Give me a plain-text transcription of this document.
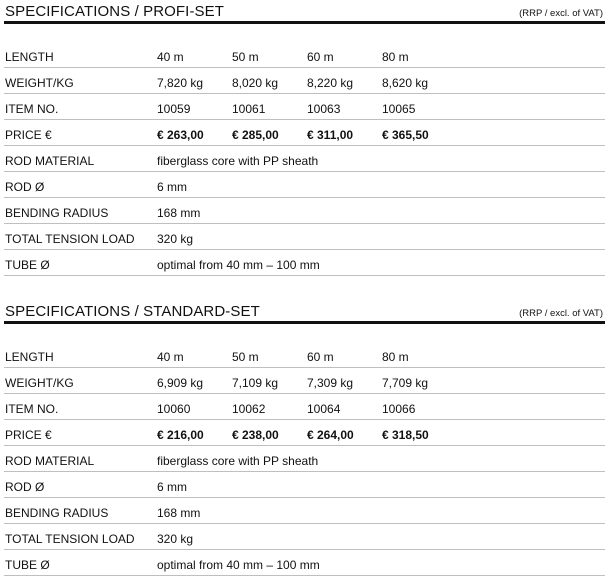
SPECIFICATIONS / PROFI-SET	(RRP / excl. of VAT)
LENGTH	40 m	50 m	60 m	80 m
WEIGHT/KG	7,820 kg 8,020 kg 8,220 kg 8,620 kg
ITEM NO.	10059	10061	10063	10065
PRICE €	€ 263,00 € 285,00 € 311,00 € 365,50
ROD MATERIAL	fiberglass core with PP sheath
ROD Ø	6 mm
BENDING RADIUS	168 mm
TOTAL TENSION LOAD 320 kg
TUBE Ø	optimal from 40 mm – 100 mm
SPECIFICATIONS / STANDARD-SET	(RRP / excl. of VAT)
LENGTH	40 m	50 m	60 m	80 m
WEIGHT/KG	6,909 kg 7,109 kg 7,309 kg 7,709 kg
ITEM NO.	10060	10062	10064	10066
PRICE €	€ 216,00 € 238,00 € 264,00 € 318,50
ROD MATERIAL	fiberglass core with PP sheath
ROD Ø	6 mm
BENDING RADIUS	168 mm
TOTAL TENSION LOAD 320 kg
TUBE Ø	optimal from 40 mm – 100 mm
